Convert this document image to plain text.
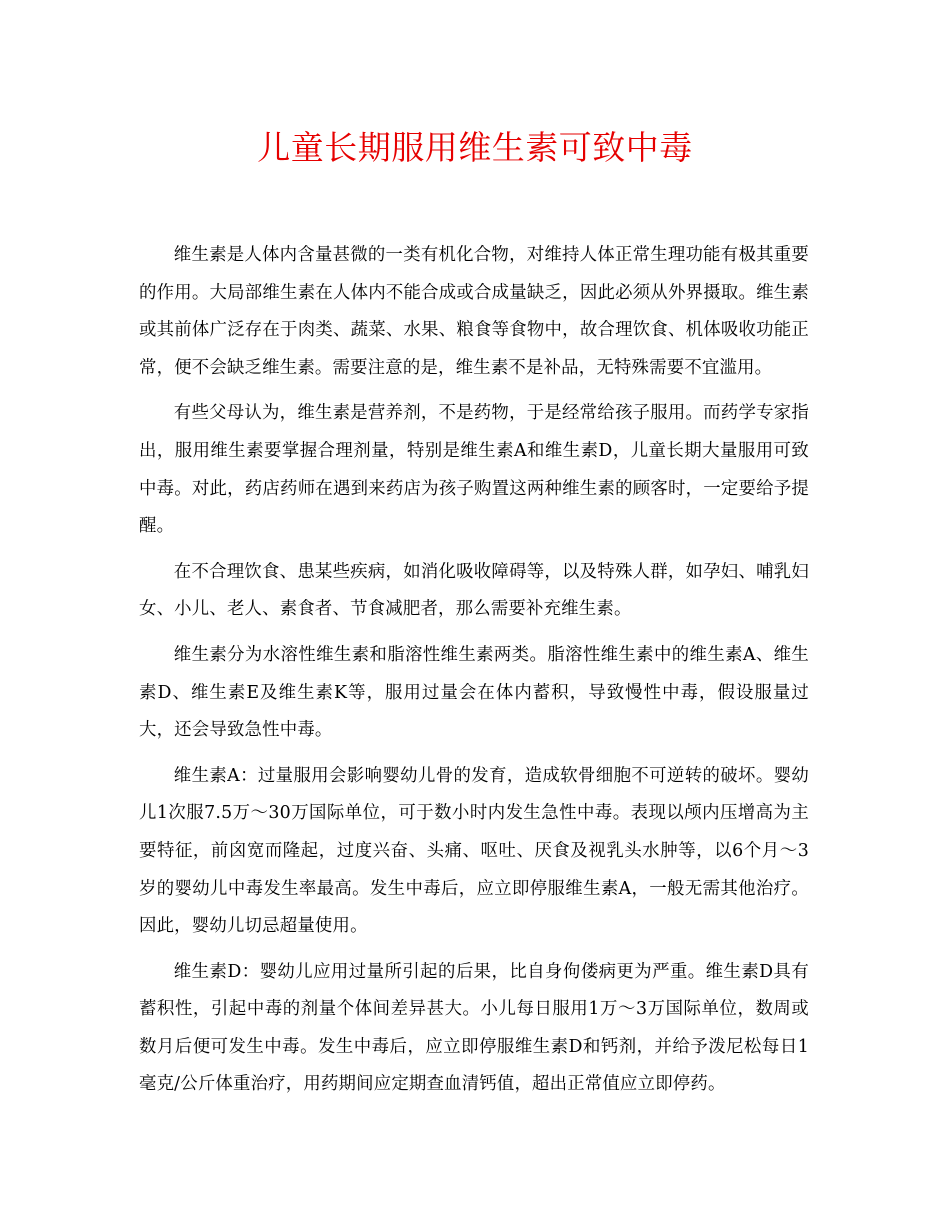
儿童长期服用维生素可致中毒

维生素是人体内含量甚微的一类有机化合物，对维持人体正常生理功能有极其重要的作用。大局部维生素在人体内不能合成或合成量缺乏，因此必须从外界摄取。维生素或其前体广泛存在于肉类、蔬菜、水果、粮食等食物中，故合理饮食、机体吸收功能正常，便不会缺乏维生素。需要注意的是，维生素不是补品，无特殊需要不宜滥用。

有些父母认为，维生素是营养剂，不是药物，于是经常给孩子服用。而药学专家指出，服用维生素要掌握合理剂量，特别是维生素A和维生素D，儿童长期大量服用可致中毒。对此，药店药师在遇到来药店为孩子购置这两种维生素的顾客时，一定要给予提醒。

在不合理饮食、患某些疾病，如消化吸收障碍等，以及特殊人群，如孕妇、哺乳妇女、小儿、老人、素食者、节食减肥者，那么需要补充维生素。

维生素分为水溶性维生素和脂溶性维生素两类。脂溶性维生素中的维生素A、维生素D、维生素E及维生素K等，服用过量会在体内蓄积，导致慢性中毒，假设服量过大，还会导致急性中毒。

维生素A：过量服用会影响婴幼儿骨的发育，造成软骨细胞不可逆转的破坏。婴幼儿1次服7.5万～30万国际单位，可于数小时内发生急性中毒。表现以颅内压增高为主要特征，前囟宽而隆起，过度兴奋、头痛、呕吐、厌食及视乳头水肿等，以6个月～3岁的婴幼儿中毒发生率最高。发生中毒后，应立即停服维生素A，一般无需其他治疗。因此，婴幼儿切忌超量使用。

维生素D：婴幼儿应用过量所引起的后果，比自身佝偻病更为严重。维生素D具有蓄积性，引起中毒的剂量个体间差异甚大。小儿每日服用1万～3万国际单位，数周或数月后便可发生中毒。发生中毒后，应立即停服维生素D和钙剂，并给予泼尼松每日1毫克/公斤体重治疗，用药期间应定期查血清钙值，超出正常值应立即停药。
